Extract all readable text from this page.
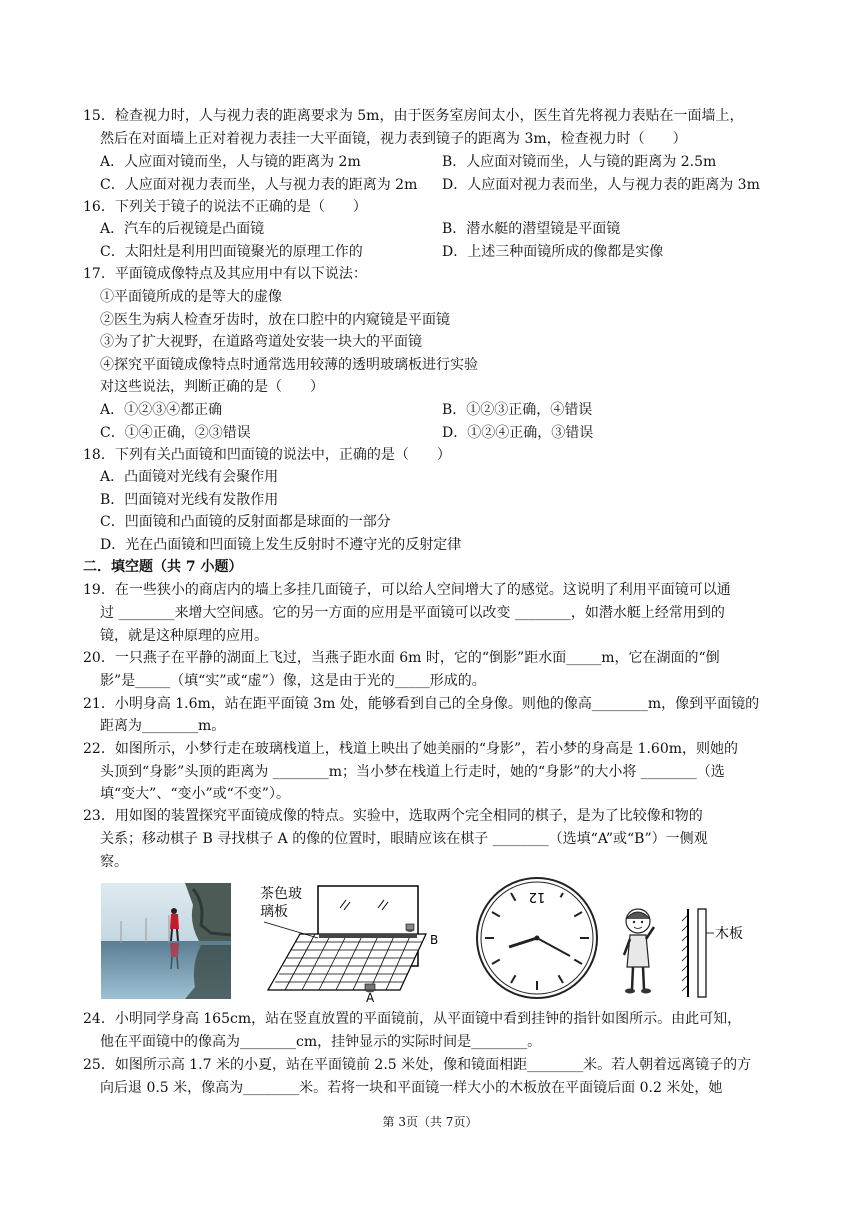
15．检查视力时，人与视力表的距离要求为 5m，由于医务室房间太小，医生首先将视力表贴在一面墙上，
然后在对面墙上正对着视力表挂一大平面镜，视力表到镜子的距离为 3m，检查视力时（　　）
A．人应面对镜而坐，人与镜的距离为 2m	B．人应面对镜而坐，人与镜的距离为 2.5m
C．人应面对视力表而坐，人与视力表的距离为 2m D．人应面对视力表而坐，人与视力表的距离为 3m
16．下列关于镜子的说法不正确的是（　　）
A．汽车的后视镜是凸面镜	B．潜水艇的潜望镜是平面镜
C．太阳灶是利用凹面镜聚光的原理工作的	D．上述三种面镜所成的像都是实像
17．平面镜成像特点及其应用中有以下说法：
①平面镜所成的是等大的虚像
②医生为病人检查牙齿时，放在口腔中的内窥镜是平面镜
③为了扩大视野，在道路弯道处安装一块大的平面镜
④探究平面镜成像特点时通常选用较薄的透明玻璃板进行实验
对这些说法，判断正确的是（　　）
A．①②③④都正确	B．①②③正确，④错误
C．①④正确，②③错误	D．①②④正确，③错误
18．下列有关凸面镜和凹面镜的说法中，正确的是（　　）
A．凸面镜对光线有会聚作用
B．凹面镜对光线有发散作用
C．凹面镜和凸面镜的反射面都是球面的一部分
D．光在凸面镜和凹面镜上发生反射时不遵守光的反射定律
二．填空题（共 7 小题）
19．在一些狭小的商店内的墙上多挂几面镜子，可以给人空间增大了的感觉。这说明了利用平面镜可以通
过 ________来增大空间感。它的另一方面的应用是平面镜可以改变 ________，如潜水艇上经常用到的
镜，就是这种原理的应用。
20．一只燕子在平静的湖面上飞过，当燕子距水面 6m 时，它的“倒影”距水面_____m，它在湖面的“倒
影”是_____（填“实”或“虚”）像，这是由于光的_____形成的。
21．小明身高 1.6m，站在距平面镜 3m 处，能够看到自己的全身像。则他的像高________m，像到平面镜的
距离为________m。
22．如图所示，小梦行走在玻璃栈道上，栈道上映出了她美丽的“身影”，若小梦的身高是 1.60m，则她的
头顶到“身影”头顶的距离为 ________m；当小梦在栈道上行走时，她的“身影”的大小将 ________（选
填“变大”、“变小”或“不变”）。
23．用如图的装置探究平面镜成像的特点。实验中，选取两个完全相同的棋子，是为了比较像和物的
关系；移动棋子 B 寻找棋子 A 的像的位置时，眼睛应该在棋子 ________（选填“A”或“B”）一侧观
察。
24．小明同学身高 165cm，站在竖直放置的平面镜前，从平面镜中看到挂钟的指针如图所示。由此可知，
他在平面镜中的像高为________cm，挂钟显示的实际时间是________。
25．如图所示高 1.7 米的小夏，站在平面镜前 2.5 米处，像和镜面相距________米。若人朝着远离镜子的方
向后退 0.5 米，像高为________米。若将一块和平面镜一样大小的木板放在平面镜后面 0.2 米处，她
茶色玻
璃板
B
A
12
木板
第 3页（共 7页）
